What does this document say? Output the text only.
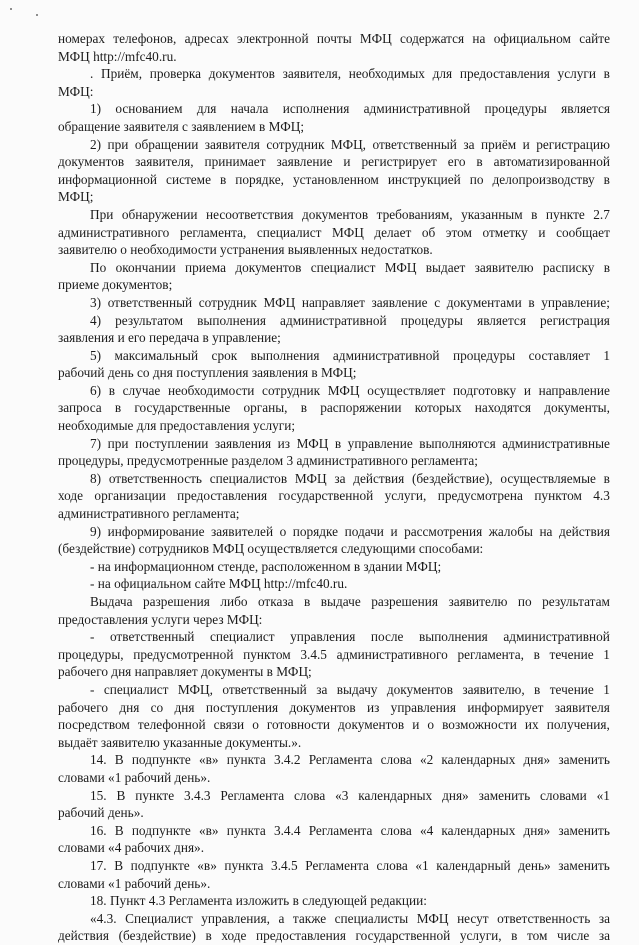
номерах телефонов, адресах электронной почты МФЦ содержатся на официальном сайте
МФЦ http://mfc40.ru.
. Приём, проверка документов заявителя, необходимых для предоставления услуги в
МФЦ:
1) основанием для начала исполнения административной процедуры является
обращение заявителя с заявлением в МФЦ;
2) при обращении заявителя сотрудник МФЦ, ответственный за приём и регистрацию
документов заявителя, принимает заявление и регистрирует его в автоматизированной
информационной системе в порядке, установленном инструкцией по делопроизводству в
МФЦ;
При обнаружении несоответствия документов требованиям, указанным в пункте 2.7
административного регламента, специалист МФЦ делает об этом отметку и сообщает
заявителю о необходимости устранения выявленных недостатков.
По окончании приема документов специалист МФЦ выдает заявителю расписку в
приеме документов;
3) ответственный сотрудник МФЦ направляет заявление с документами в управление;
4) результатом выполнения административной процедуры является регистрация
заявления и его передача в управление;
5) максимальный срок выполнения административной процедуры составляет 1
рабочий день со дня поступления заявления в МФЦ;
6) в случае необходимости сотрудник МФЦ осуществляет подготовку и направление
запроса в государственные органы, в распоряжении которых находятся документы,
необходимые для предоставления услуги;
7) при поступлении заявления из МФЦ в управление выполняются административные
процедуры, предусмотренные разделом 3 административного регламента;
8) ответственность специалистов МФЦ за действия (бездействие), осуществляемые в
ходе организации предоставления государственной услуги, предусмотрена пунктом 4.3
административного регламента;
9) информирование заявителей о порядке подачи и рассмотрения жалобы на действия
(бездействие) сотрудников МФЦ осуществляется следующими способами:
- на информационном стенде, расположенном в здании МФЦ;
- на официальном сайте МФЦ http://mfc40.ru.
Выдача разрешения либо отказа в выдаче разрешения заявителю по результатам
предоставления услуги через МФЦ:
- ответственный специалист управления после выполнения административной
процедуры, предусмотренной пунктом 3.4.5 административного регламента, в течение 1
рабочего дня направляет документы в МФЦ;
- специалист МФЦ, ответственный за выдачу документов заявителю, в течение 1
рабочего дня со дня поступления документов из управления информирует заявителя
посредством телефонной связи о готовности документов и о возможности их получения,
выдаёт заявителю указанные документы.».
14. В подпункте «в» пункта 3.4.2 Регламента слова «2 календарных дня» заменить
словами «1 рабочий день».
15. В пункте 3.4.3 Регламента слова «3 календарных дня» заменить словами «1
рабочий день».
16. В подпункте «в» пункта 3.4.4 Регламента слова «4 календарных дня» заменить
словами «4 рабочих дня».
17. В подпункте «в» пункта 3.4.5 Регламента слова «1 календарный день» заменить
словами «1 рабочий день».
18. Пункт 4.3 Регламента изложить в следующей редакции:
«4.3. Специалист управления, а также специалисты МФЦ несут ответственность за
действия (бездействие) в ходе предоставления государственной услуги, в том числе за
